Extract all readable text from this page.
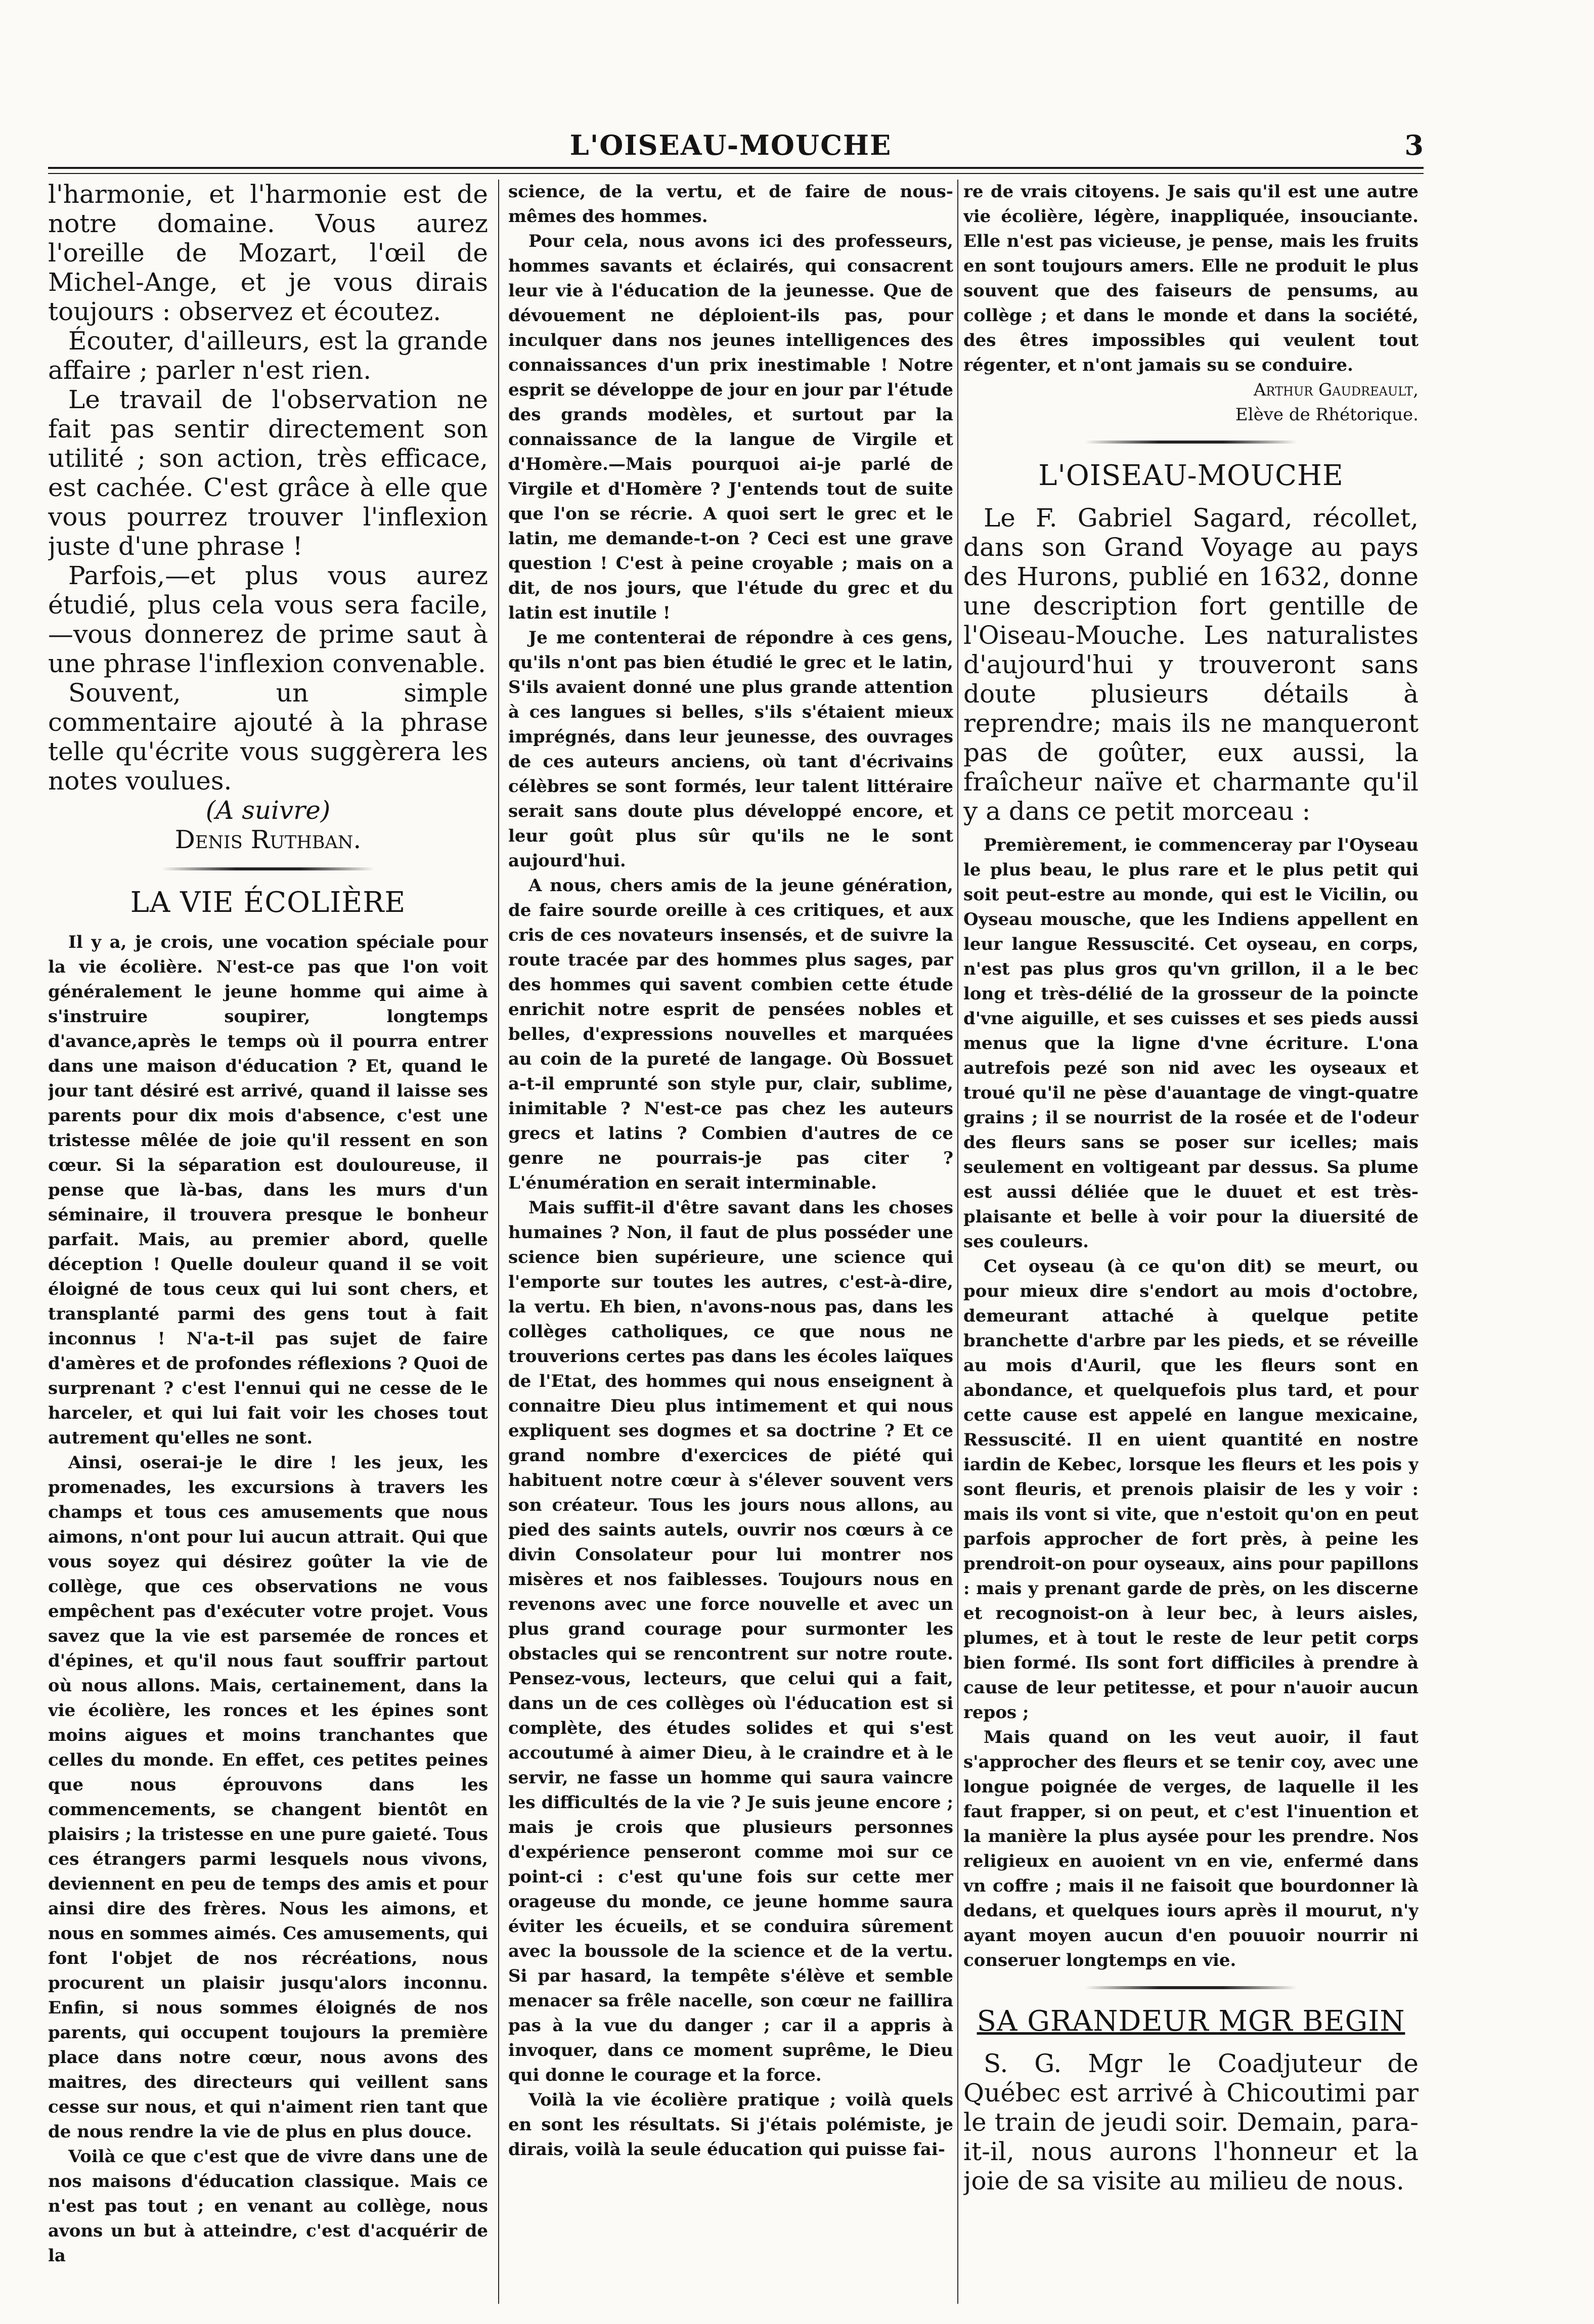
L'OISEAU-MOUCHE	3

l'harmonie, et l'harmonie est de notre domaine. Vous aurez l'oreille de Mozart, l'œil de Michel-Ange, et je vous dirais toujours : observez et écoutez.

Écouter, d'ailleurs, est la grande affaire ; parler n'est rien.

Le travail de l'observation ne fait pas sentir directement son utilité ; son action, très efficace, est cachée. C'est grâce à elle que vous pourrez trouver l'inflexion juste d'une phrase !

Parfois,—et plus vous aurez étudié, plus cela vous sera facile,—vous donnerez de prime saut à une phrase l'inflexion convenable.

Souvent, un simple commentaire ajouté à la phrase telle qu'écrite vous suggèrera les notes voulues.

(A suivre)

Denis Ruthban.

LA VIE ÉCOLIÈRE

Il y a, je crois, une vocation spéciale pour la vie écolière. N'est-ce pas que l'on voit généralement le jeune homme qui aime à s'instruire soupirer, longtemps d'avance,après le temps où il pourra entrer dans une maison d'éducation ? Et, quand le jour tant désiré est arrivé, quand il laisse ses parents pour dix mois d'absence, c'est une tristesse mêlée de joie qu'il ressent en son cœur. Si la séparation est douloureuse, il pense que là-bas, dans les murs d'un séminaire, il trouvera presque le bonheur parfait. Mais, au premier abord, quelle déception ! Quelle douleur quand il se voit éloigné de tous ceux qui lui sont chers, et transplanté parmi des gens tout à fait inconnus ! N'a-t-il pas sujet de faire d'amères et de profondes réflexions ? Quoi de surprenant ? c'est l'ennui qui ne cesse de le harceler, et qui lui fait voir les choses tout autrement qu'elles ne sont.

Ainsi, oserai-je le dire ! les jeux, les promenades, les excursions à travers les champs et tous ces amusements que nous aimons, n'ont pour lui aucun attrait. Qui que vous soyez qui désirez goûter la vie de collège, que ces observations ne vous empêchent pas d'exécuter votre projet. Vous savez que la vie est parsemée de ronces et d'épines, et qu'il nous faut souffrir partout où nous allons. Mais, certainement, dans la vie écolière, les ronces et les épines sont moins aigues et moins tranchantes que celles du monde. En effet, ces petites peines que nous éprouvons dans les commencements, se changent bientôt en plaisirs ; la tristesse en une pure gaieté. Tous ces étrangers parmi lesquels nous vivons, deviennent en peu de temps des amis et pour ainsi dire des frères. Nous les aimons, et nous en sommes aimés. Ces amusements, qui font l'objet de nos récréations, nous procurent un plaisir jusqu'alors inconnu. Enfin, si nous sommes éloignés de nos parents, qui occupent toujours la première place dans notre cœur, nous avons des maitres, des directeurs qui veillent sans cesse sur nous, et qui n'aiment rien tant que de nous rendre la vie de plus en plus douce.

Voilà ce que c'est que de vivre dans une de nos maisons d'éducation classique. Mais ce n'est pas tout ; en venant au collège, nous avons un but à atteindre, c'est d'acquérir de la

science, de la vertu, et de faire de nous-mêmes des hommes.

Pour cela, nous avons ici des professeurs, hommes savants et éclairés, qui consacrent leur vie à l'éducation de la jeunesse. Que de dévouement ne déploient-ils pas, pour inculquer dans nos jeunes intelligences des connaissances d'un prix inestimable ! Notre esprit se développe de jour en jour par l'étude des grands modèles, et surtout par la connaissance de la langue de Virgile et d'Homère.—Mais pourquoi ai-je parlé de Virgile et d'Homère ? J'entends tout de suite que l'on se récrie. A quoi sert le grec et le latin, me demande-t-on ? Ceci est une grave question ! C'est à peine croyable ; mais on a dit, de nos jours, que l'étude du grec et du latin est inutile !

Je me contenterai de répondre à ces gens, qu'ils n'ont pas bien étudié le grec et le latin, S'ils avaient donné une plus grande attention à ces langues si belles, s'ils s'étaient mieux imprégnés, dans leur jeunesse, des ouvrages de ces auteurs anciens, où tant d'écrivains célèbres se sont formés, leur talent littéraire serait sans doute plus développé encore, et leur goût plus sûr qu'ils ne le sont aujourd'hui.

A nous, chers amis de la jeune génération, de faire sourde oreille à ces critiques, et aux cris de ces novateurs insensés, et de suivre la route tracée par des hommes plus sages, par des hommes qui savent combien cette étude enrichit notre esprit de pensées nobles et belles, d'expressions nouvelles et marquées au coin de la pureté de langage. Où Bossuet a-t-il emprunté son style pur, clair, sublime, inimitable ? N'est-ce pas chez les auteurs grecs et latins ? Combien d'autres de ce genre ne pourrais-je pas citer ? L'énumération en serait interminable.

Mais suffit-il d'être savant dans les choses humaines ? Non, il faut de plus posséder une science bien supérieure, une science qui l'emporte sur toutes les autres, c'est-à-dire, la vertu. Eh bien, n'avons-nous pas, dans les collèges catholiques, ce que nous ne trouverions certes pas dans les écoles laïques de l'Etat, des hommes qui nous enseignent à connaitre Dieu plus intimement et qui nous expliquent ses dogmes et sa doctrine ? Et ce grand nombre d'exercices de piété qui habituent notre cœur à s'élever souvent vers son créateur. Tous les jours nous allons, au pied des saints autels, ouvrir nos cœurs à ce divin Consolateur pour lui montrer nos misères et nos faiblesses. Toujours nous en revenons avec une force nouvelle et avec un plus grand courage pour surmonter les obstacles qui se rencontrent sur notre route. Pensez-vous, lecteurs, que celui qui a fait, dans un de ces collèges où l'éducation est si complète, des études solides et qui s'est accoutumé à aimer Dieu, à le craindre et à le servir, ne fasse un homme qui saura vaincre les difficultés de la vie ? Je suis jeune encore ; mais je crois que plusieurs personnes d'expérience penseront comme moi sur ce point-ci : c'est qu'une fois sur cette mer orageuse du monde, ce jeune homme saura éviter les écueils, et se conduira sûrement avec la boussole de la science et de la vertu. Si par hasard, la tempête s'élève et semble menacer sa frêle nacelle, son cœur ne faillira pas à la vue du danger ; car il a appris à invoquer, dans ce moment suprême, le Dieu qui donne le courage et la force.

Voilà la vie écolière pratique ; voilà quels en sont les résultats. Si j'étais polémiste, je dirais, voilà la seule éducation qui puisse fai-

re de vrais citoyens. Je sais qu'il est une autre vie écolière, légère, inappliquée, insouciante. Elle n'est pas vicieuse, je pense, mais les fruits en sont toujours amers. Elle ne produit le plus souvent que des faiseurs de pensums, au collège ; et dans le monde et dans la société, des êtres impossibles qui veulent tout régenter, et n'ont jamais su se conduire.

Arthur Gaudreault,

Elève de Rhétorique.

L'OISEAU-MOUCHE

Le F. Gabriel Sagard, récollet, dans son Grand Voyage au pays des Hurons, publié en 1632, donne une description fort gentille de l'Oiseau-Mouche. Les naturalistes d'aujourd'hui y trouveront sans doute plusieurs détails à reprendre; mais ils ne manqueront pas de goûter, eux aussi, la fraîcheur naïve et charmante qu'il y a dans ce petit morceau :

Premièrement, ie commenceray par l'Oyseau le plus beau, le plus rare et le plus petit qui soit peut-estre au monde, qui est le Vicilin, ou Oyseau mousche, que les Indiens appellent en leur langue Ressuscité. Cet oyseau, en corps, n'est pas plus gros qu'vn grillon, il a le bec long et très-délié de la grosseur de la poincte d'vne aiguille, et ses cuisses et ses pieds aussi menus que la ligne d'vne écriture. L'ona autrefois pezé son nid avec les oyseaux et troué qu'il ne pèse d'auantage de vingt-quatre grains ; il se nourrist de la rosée et de l'odeur des fleurs sans se poser sur icelles; mais seulement en voltigeant par dessus. Sa plume est aussi déliée que le duuet et est très-plaisante et belle à voir pour la diuersité de ses couleurs.

Cet oyseau (à ce qu'on dit) se meurt, ou pour mieux dire s'endort au mois d'octobre, demeurant attaché à quelque petite branchette d'arbre par les pieds, et se réveille au mois d'Auril, que les fleurs sont en abondance, et quelquefois plus tard, et pour cette cause est appelé en langue mexicaine, Ressuscité. Il en uient quantité en nostre iardin de Kebec, lorsque les fleurs et les pois y sont fleuris, et prenois plaisir de les y voir : mais ils vont si vite, que n'estoit qu'on en peut parfois approcher de fort près, à peine les prendroit-on pour oyseaux, ains pour papillons : mais y prenant garde de près, on les discerne et recognoist-on à leur bec, à leurs aisles, plumes, et à tout le reste de leur petit corps bien formé. Ils sont fort difficiles à prendre à cause de leur petitesse, et pour n'auoir aucun repos ;

Mais quand on les veut auoir, il faut s'approcher des fleurs et se tenir coy, avec une longue poignée de verges, de laquelle il les faut frapper, si on peut, et c'est l'inuention et la manière la plus aysée pour les prendre. Nos religieux en auoient vn en vie, enfermé dans vn coffre ; mais il ne faisoit que bourdonner là dedans, et quelques iours après il mourut, n'y ayant moyen aucun d'en pouuoir nourrir ni conseruer longtemps en vie.

SA GRANDEUR MGR BEGIN

S. G. Mgr le Coadjuteur de Québec est arrivé à Chicoutimi par le train de jeudi soir. Demain, para-it-il, nous aurons l'honneur et la joie de sa visite au milieu de nous.
